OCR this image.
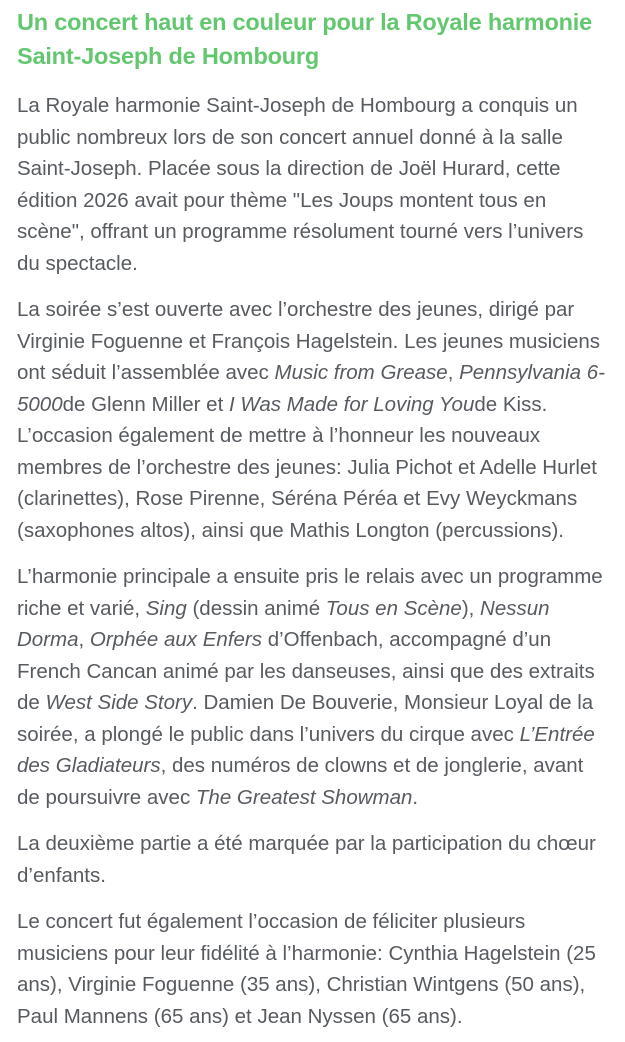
Un concert haut en couleur pour la Royale harmonie Saint-Joseph de Hombourg

La Royale harmonie Saint-Joseph de Hombourg a conquis un public nombreux lors de son concert annuel donné à la salle Saint-Joseph. Placée sous la direction de Joël Hurard, cette édition 2026 avait pour thème "Les Joups montent tous en scène", offrant un programme résolument tourné vers l’univers du spectacle.

La soirée s’est ouverte avec l’orchestre des jeunes, dirigé par Virginie Foguenne et François Hagelstein. Les jeunes musiciens ont séduit l’assemblée avec Music from Grease, Pennsylvania 6-5000de Glenn Miller et I Was Made for Loving Youde Kiss. L’occasion également de mettre à l’honneur les nouveaux membres de l’orchestre des jeunes: Julia Pichot et Adelle Hurlet (clarinettes), Rose Pirenne, Séréna Péréa et Evy Weyckmans (saxophones altos), ainsi que Mathis Longton (percussions).

L’harmonie principale a ensuite pris le relais avec un programme riche et varié, Sing (dessin animé Tous en Scène), Nessun Dorma, Orphée aux Enfers d’Offenbach, accompagné d’un French Cancan animé par les danseuses, ainsi que des extraits de West Side Story. Damien De Bouverie, Monsieur Loyal de la soirée, a plongé le public dans l’univers du cirque avec L’Entrée des Gladiateurs, des numéros de clowns et de jonglerie, avant de poursuivre avec The Greatest Showman.

La deuxième partie a été marquée par la participation du chœur d’enfants.

Le concert fut également l’occasion de féliciter plusieurs musiciens pour leur fidélité à l’harmonie: Cynthia Hagelstein (25 ans), Virginie Foguenne (35 ans), Christian Wintgens (50 ans), Paul Mannens (65 ans) et Jean Nyssen (65 ans).
